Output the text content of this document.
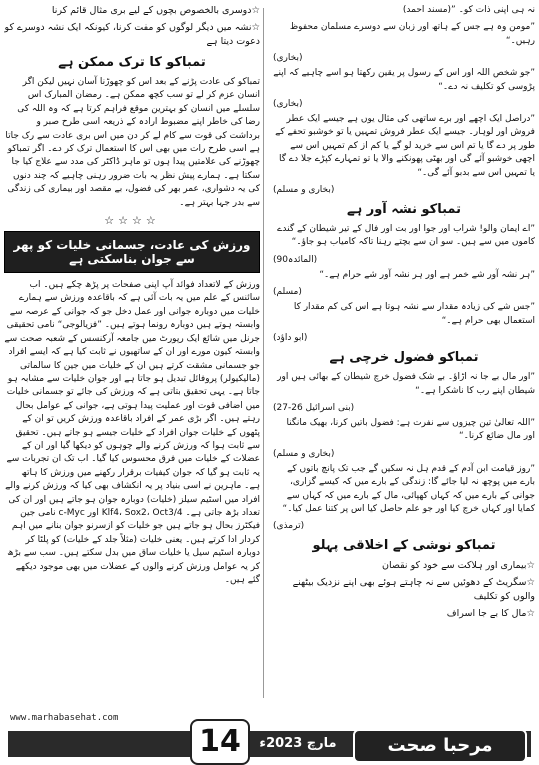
نہ ہی اپنی ذات کو۔ ”(مسند احمد)

”مومن وہ ہے جس کے ہاتھ اور زبان سے دوسرے مسلمان محفوظ رہیں۔“

(بخاری)

”جو شخص اللہ اور اس کے رسول پر یقین رکھتا ہو اسے چاہیے کہ اپنے پڑوسی کو تکلیف نہ دے۔“

(بخاری)

”دراصل ایک اچھے اور برے ساتھی کی مثال یوں ہے جیسے ایک عطر فروش اور لوہار۔ جیسے ایک عطر فروش تمہیں یا تو خوشبو تحفے کے طور پر دے گا یا تم اس سے خرید لو گے یا کم از کم تمہیں اس سے اچھی خوشبو آئے گی اور بھٹی پھونکنے والا یا تو تمہارے کپڑے جلا دے گا یا تمہیں اس سے بدبو آئے گی۔“

(بخاری و مسلم)

تمباکو نشہ آور ہے

”اے ایمان والو! شراب اور جوا اور بت اور فال کے تیر شیطان کے گندے کاموں میں سے ہیں۔ سو ان سے بچتے رہنا تاکہ کامیاب ہو جاؤ۔“

(المائدہ90)

”ہر نشہ آور شے خمر ہے اور ہر نشہ آور شے حرام ہے۔“

(مسلم)

”جس شے کی زیادہ مقدار سے نشہ ہوتا ہے اس کی کم مقدار کا استعمال بھی حرام ہے۔“

(ابو داؤد)

تمباکو فضول خرچی ہے

”اور مال بے جا نہ اڑاؤ۔ بے شک فضول خرچ شیطان کے بھائی ہیں اور شیطان اپنے رب کا ناشکرا ہے۔“

(بنی اسرائیل 26-27)

”اللہ تعالیٰ تین چیزوں سے نفرت ہے: فضول باتیں کرنا، بھیک مانگنا اور مال ضائع کرنا۔“

(بخاری و مسلم)

”روز قیامت ابن آدم کے قدم ہل نہ سکیں گے جب تک پانچ باتوں کے بارے میں پوچھ نہ لیا جائے گا: زندگی کے بارے میں کہ کیسے گزاری، جوانی کے بارے میں کہ کہاں کھپائی، مال کے بارے میں کہ کہاں سے کمایا اور کہاں خرچ کیا اور جو علم حاصل کیا اس پر کتنا عمل کیا۔“

(ترمذی)

تمباکو نوشی کے اخلاقی پہلو

☆بیماری اور ہلاکت سے خود کو نقصان

☆سگریٹ کے دھوئیں سے نہ چاہتے ہوئے بھی اپنے نزدیک بیٹھنے والوں کو تکلیف

☆مال کا بے جا اسراف

☆دوسری بالخصوص بچوں کے لیے بری مثال قائم کرنا

☆نشہ میں دیگر لوگوں کو مفت کرنا، کیونکہ ایک نشہ دوسرے کو دعوت دیتا ہے

تمباکو کا ترک ممکن ہے

تمباکو کی عادت پڑنے کے بعد اس کو چھوڑنا آسان نہیں لیکن اگر انسان عزم کر لے تو سب کچھ ممکن ہے۔ رمضان المبارک اس سلسلے میں انسان کو بہترین موقع فراہم کرتا ہے کہ وہ اللہ کی رضا کی خاطر اپنے مضبوط ارادہ کے ذریعہ اسی طرح صبر و برداشت کی قوت سے کام لے کر دن میں اس بری عادت سے رک جاتا ہے اسی طرح رات میں بھی اس کا استعمال ترک کر دے۔ اگر تمباکو چھوڑنے کی علامتیں پیدا ہوں تو ماہر ڈاکٹر کی مدد سے علاج کیا جا سکتا ہے۔ ہمارے پیش نظر یہ بات ضرور رہنی چاہیے کہ چند دنوں کی یہ دشواری، عمر بھر کی فضول، بے مقصد اور بیماری کی زندگی سے بدر جہا بہتر ہے۔

☆☆☆☆
ورزش کی عادت، جسمانی خلیات کو پھر سے جوان بناسکتی ہے

ورزش کے لاتعداد فوائد آپ اپنی صفحات پر پڑھ چکے ہیں۔ اب سائنس کے علم میں یہ بات آئی ہے کہ باقاعدہ ورزش سے ہمارے خلیات میں دوبارہ جوانی اور عمل دخل جو کہ جوانی کے عرصہ سے وابستہ ہوتے ہیں دوبارہ رونما ہوتے ہیں۔ ”فزیالوجی“ نامی تحقیقی جرنل میں شائع ایک رپورٹ میں جامعہ آرکنسس کے شعبہ صحت سے وابستہ کیون مورے اور ان کے ساتھیوں نے ثابت کیا ہے کہ ایسے افراد جو جسمانی مشقت کرتے ہیں ان کے خلیات میں جین کا سالماتی (مالیکیولر) پروفائل تبدیل ہو جاتا ہے اور جوان خلیات سے مشابہ ہو جاتا ہے۔ یہی تحقیق بتاتی ہے کہ ورزش کی جائے تو جسمانی خلیات میں اضافی قوت اور عملیت پیدا ہوتی ہے، جوانی کے عوامل بحال رہتے ہیں۔ اگر بڑی عمر کے افراد باقاعدہ ورزش کریں تو ان کے پٹھوں کے خلیات جوان افراد کے خلیات جیسے ہو جاتے ہیں۔ تحقیق سے ثابت ہوا کہ ورزش کرنے والے چوہوں کو دیکھا گیا اور ان کے عضلات کے خلیات میں فرق محسوس کیا گیا۔ اب تک ان تجربات سے یہ ثابت ہو گیا کہ جوان کیفیات برقرار رکھنے میں ورزش کا ہاتھ ہے۔ ماہرین نے اسی بنیاد پر یہ انکشاف بھی کیا کہ ورزش کرنے والے افراد میں اسٹیم سیلز (خلیات) دوبارہ جوان ہو جاتے ہیں اور ان کی تعداد بڑھ جاتی ہے۔ Klf4، Sox2، Oct3/4 اور c-Myc نامی جین فیکٹرز بحال ہو جاتے ہیں جو خلیات کو ازسرنو جوان بنانے میں اہم کردار ادا کرتے ہیں۔ یعنی خلیات (مثلاً جلد کے خلیات) کو پلٹا کر دوبارہ اسٹیم سیل یا خلیات ساق میں بدل سکتے ہیں۔ سب سے بڑھ کر یہ عوامل ورزش کرنے والوں کے عضلات میں بھی موجود دیکھے گئے ہیں۔

www.marhabasehat.com
مارچ 2023ء
14	مرحبا صحت
